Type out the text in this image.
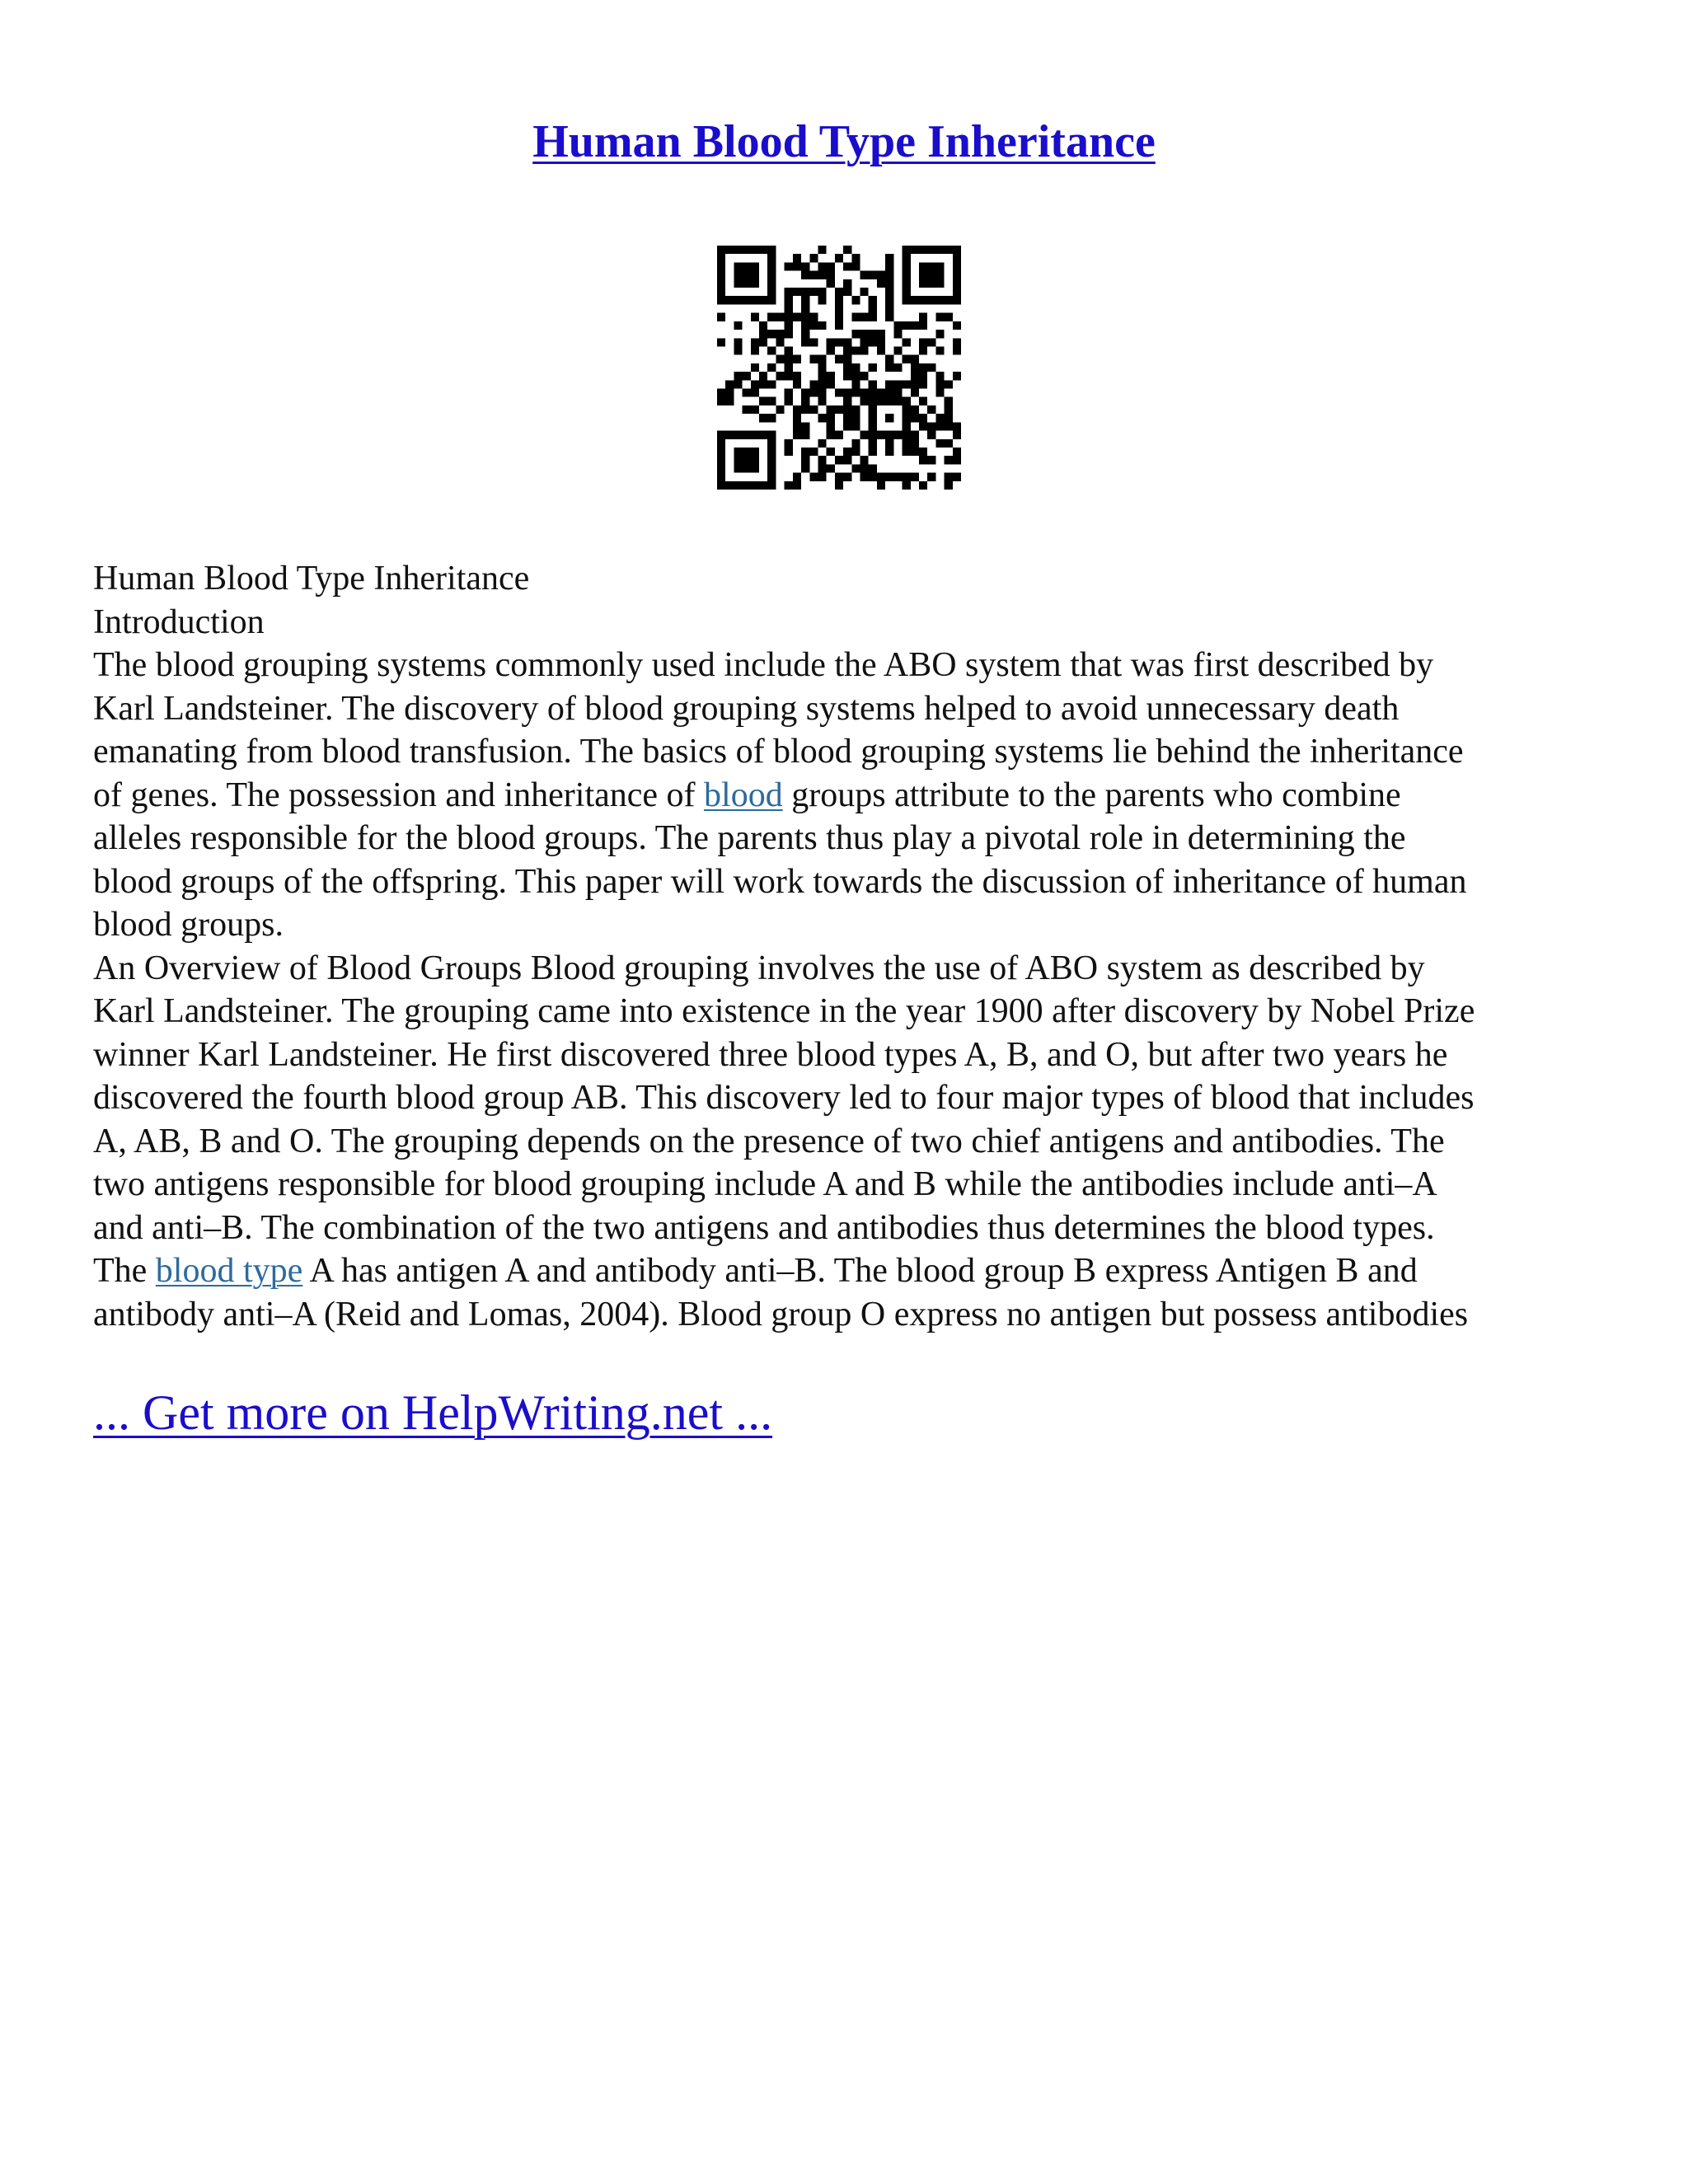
Human Blood Type Inheritance
Human Blood Type Inheritance
Introduction
The blood grouping systems commonly used include the ABO system that was first described by
Karl Landsteiner. The discovery of blood grouping systems helped to avoid unnecessary death
emanating from blood transfusion. The basics of blood grouping systems lie behind the inheritance
of genes. The possession and inheritance of blood groups attribute to the parents who combine
alleles responsible for the blood groups. The parents thus play a pivotal role in determining the
blood groups of the offspring. This paper will work towards the discussion of inheritance of human
blood groups.
An Overview of Blood Groups Blood grouping involves the use of ABO system as described by
Karl Landsteiner. The grouping came into existence in the year 1900 after discovery by Nobel Prize
winner Karl Landsteiner. He first discovered three blood types A, B, and O, but after two years he
discovered the fourth blood group AB. This discovery led to four major types of blood that includes
A, AB, B and O. The grouping depends on the presence of two chief antigens and antibodies. The
two antigens responsible for blood grouping include A and B while the antibodies include anti–A
and anti–B. The combination of the two antigens and antibodies thus determines the blood types.
The blood type A has antigen A and antibody anti–B. The blood group B express Antigen B and
antibody anti–A (Reid and Lomas, 2004). Blood group O express no antigen but possess antibodies
... Get more on HelpWriting.net ...
